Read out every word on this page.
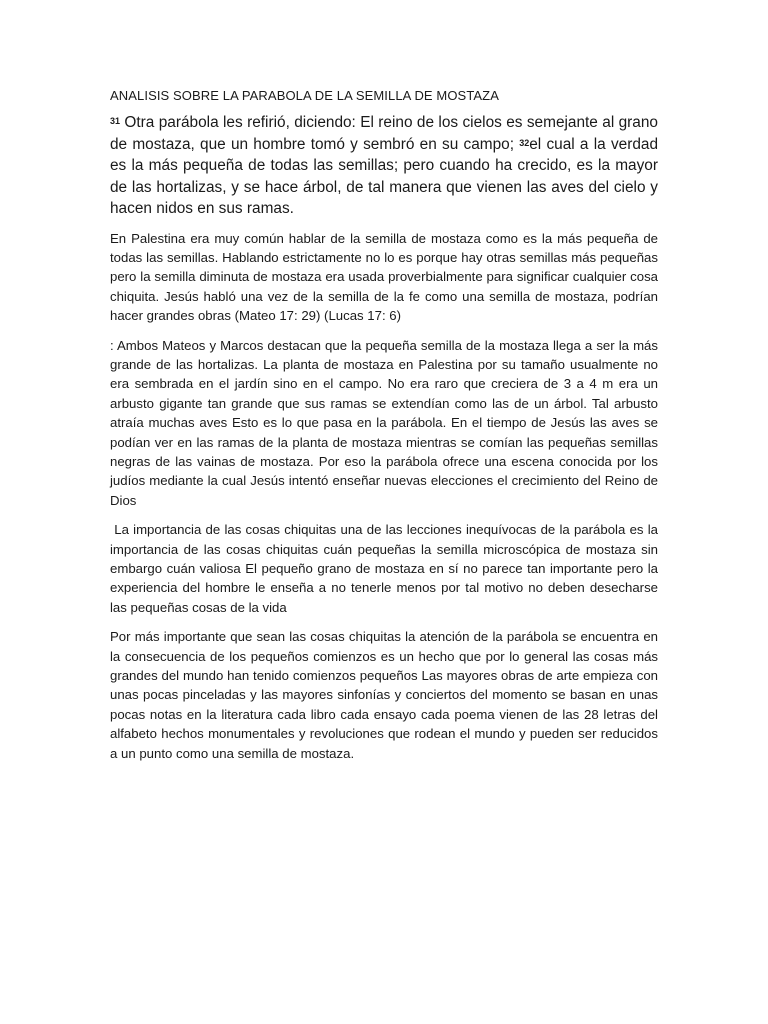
ANALISIS SOBRE LA PARABOLA DE LA SEMILLA DE MOSTAZA

$^{31}$ Otra parábola les refirió, diciendo: El reino de los cielos es semejante al grano de mostaza, que un hombre tomó y sembró en su campo; $^{32}$el cual a la verdad es la más pequeña de todas las semillas; pero cuando ha crecido, es la mayor de las hortalizas, y se hace árbol, de tal manera que vienen las aves del cielo y hacen nidos en sus ramas.

En Palestina era muy común hablar de la semilla de mostaza como es la más pequeña de todas las semillas. Hablando estrictamente no lo es porque hay otras semillas más pequeñas pero la semilla diminuta de mostaza era usada proverbialmente para significar cualquier cosa chiquita. Jesús habló una vez de la semilla de la fe como una semilla de mostaza, podrían hacer grandes obras (Mateo 17: 29) (Lucas 17: 6)

: Ambos Mateos y Marcos destacan que la pequeña semilla de la mostaza llega a ser la más grande de las hortalizas. La planta de mostaza en Palestina por su tamaño usualmente no era sembrada en el jardín sino en el campo. No era raro que creciera de 3 a 4 m era un arbusto gigante tan grande que sus ramas se extendían como las de un árbol. Tal arbusto atraía muchas aves Esto es lo que pasa en la parábola. En el tiempo de Jesús las aves se podían ver en las ramas de la planta de mostaza mientras se comían las pequeñas semillas negras de las vainas de mostaza. Por eso la parábola ofrece una escena conocida por los judíos mediante la cual Jesús intentó enseñar nuevas elecciones el crecimiento del Reino de Dios

La importancia de las cosas chiquitas una de las lecciones inequívocas de la parábola es la importancia de las cosas chiquitas cuán pequeñas la semilla microscópica de mostaza sin embargo cuán valiosa El pequeño grano de mostaza en sí no parece tan importante pero la experiencia del hombre le enseña a no tenerle menos por tal motivo no deben desecharse las pequeñas cosas de la vida

Por más importante que sean las cosas chiquitas la atención de la parábola se encuentra en la consecuencia de los pequeños comienzos es un hecho que por lo general las cosas más grandes del mundo han tenido comienzos pequeños Las mayores obras de arte empieza con unas pocas pinceladas y las mayores sinfonías y conciertos del momento se basan en unas pocas notas en la literatura cada libro cada ensayo cada poema vienen de las 28 letras del alfabeto hechos monumentales y revoluciones que rodean el mundo y pueden ser reducidos a un punto como una semilla de mostaza.
